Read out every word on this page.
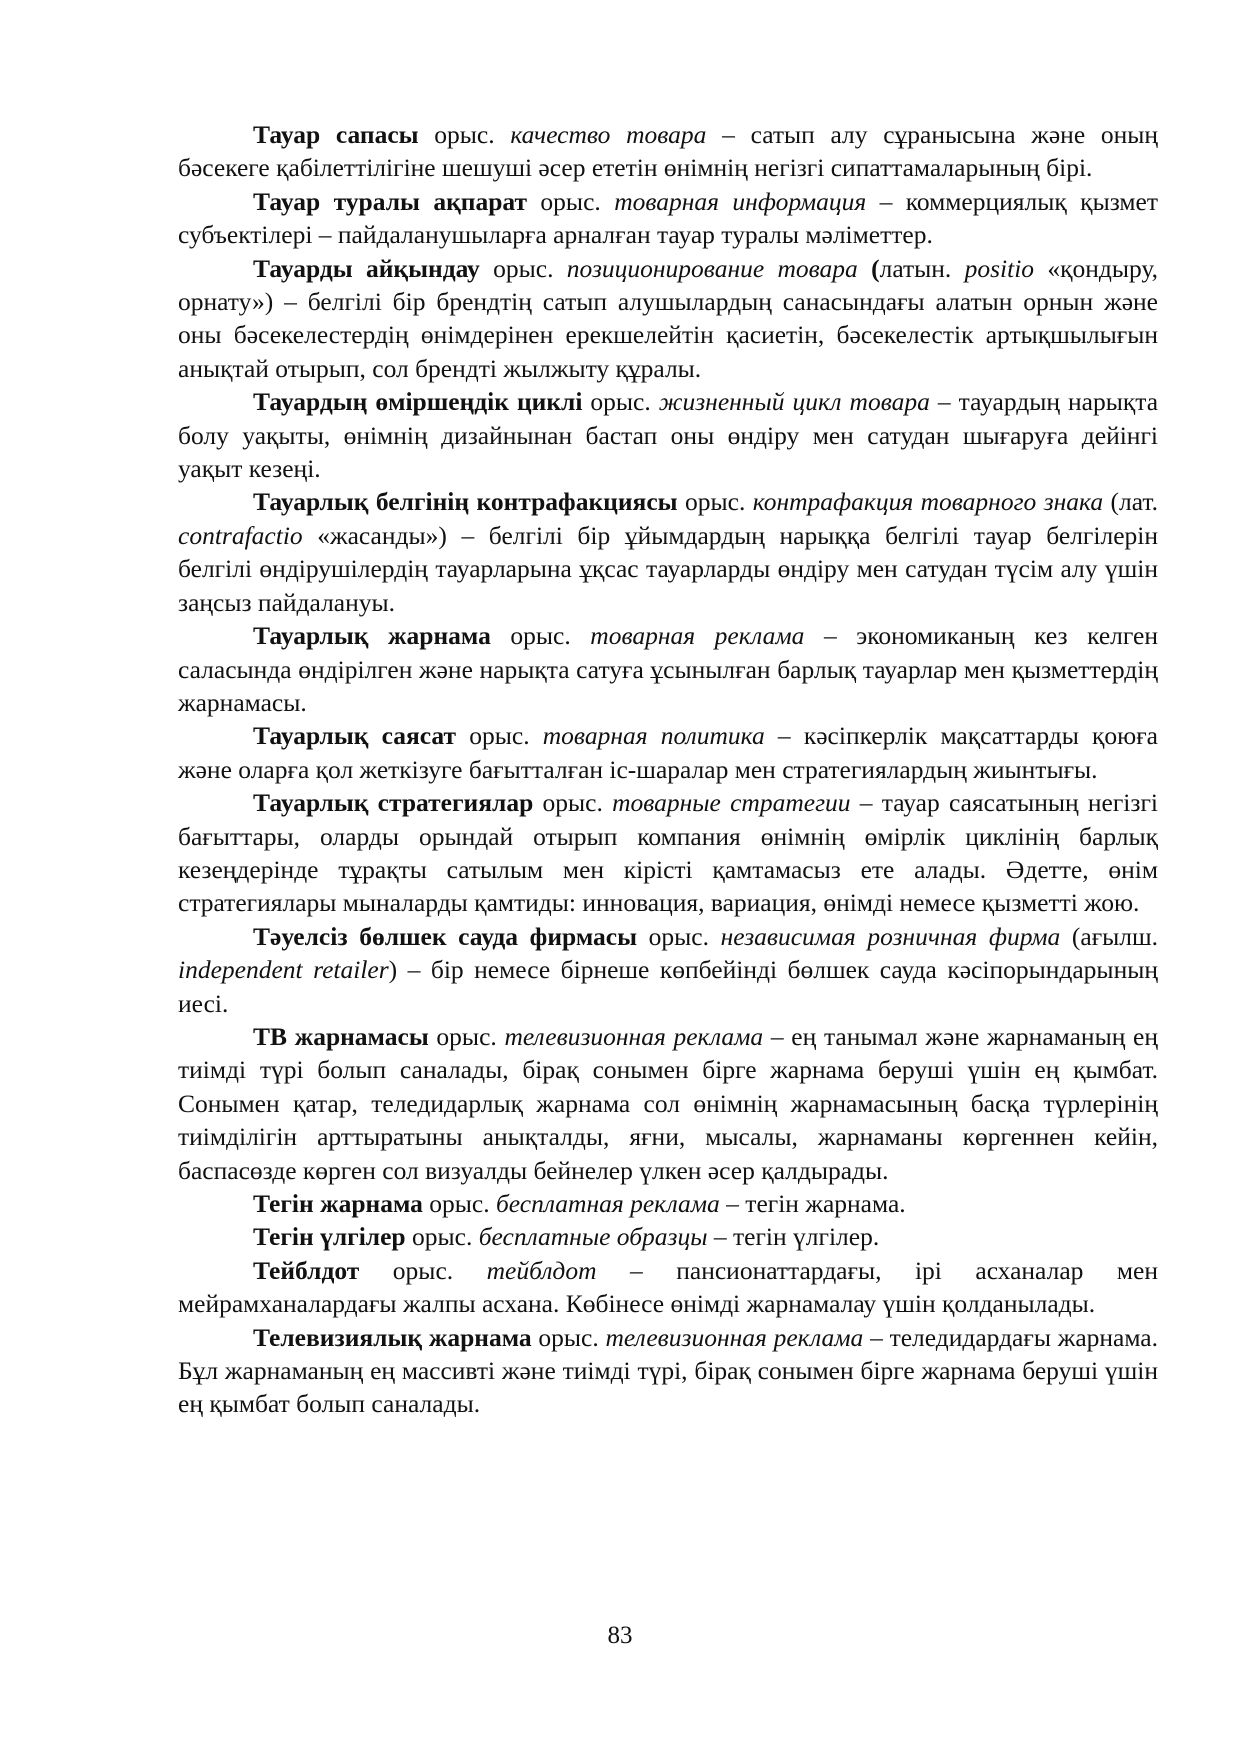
Тауар сапасы орыс. качество товара – сатып алу сұранысына және оның бәсекеге қабілеттілігіне шешуші әсер ететін өнімнің негізгі сипаттамаларының бірі.

Тауар туралы ақпарат орыс. товарная информация – коммерциялық қызмет субъектілері – пайдаланушыларға арналған тауар туралы мәліметтер.

Тауарды айқындау орыс. позиционирование товара (латын. positio «қондыру, орнату») – белгілі бір брендтің сатып алушылардың санасындағы алатын орнын және оны бәсекелестердің өнімдерінен ерекшелейтін қасиетін, бәсекелестік артықшылығын анықтай отырып, сол брендті жылжыту құралы.

Тауардың өміршеңдік циклі орыс. жизненный цикл товара – тауардың нарықта болу уақыты, өнімнің дизайнынан бастап оны өндіру мен сатудан шығаруға дейінгі уақыт кезеңі.

Тауарлық белгінің контрафакциясы орыс. контрафакция товарного знака (лат. contrafactio «жасанды») – белгілі бір ұйымдардың нарыққа белгілі тауар белгілерін белгілі өндірушілердің тауарларына ұқсас тауарларды өндіру мен сатудан түсім алу үшін заңсыз пайдалануы.

Тауарлық жарнама орыс. товарная реклама – экономиканың кез келген саласында өндірілген және нарықта сатуға ұсынылған барлық тауарлар мен қызметтердің жарнамасы.

Тауарлық саясат орыс. товарная политика – кәсіпкерлік мақсаттарды қоюға және оларға қол жеткізуге бағытталған іс-шаралар мен стратегиялардың жиынтығы.

Тауарлық стратегиялар орыс. товарные стратегии – тауар саясатының негізгі бағыттары, оларды орындай отырып компания өнімнің өмірлік циклінің барлық кезеңдерінде тұрақты сатылым мен кірісті қамтамасыз ете алады. Әдетте, өнім стратегиялары мыналарды қамтиды: инновация, вариация, өнімді немесе қызметті жою.

Тәуелсіз бөлшек сауда фирмасы орыс. независимая розничная фирма (ағылш. independent retailer) – бір немесе бірнеше көпбейінді бөлшек сауда кәсіпорындарының иесі.

ТВ жарнамасы орыс. телевизионная реклама – ең танымал және жарнаманың ең тиімді түрі болып саналады, бірақ сонымен бірге жарнама беруші үшін ең қымбат. Сонымен қатар, теледидарлық жарнама сол өнімнің жарнамасының басқа түрлерінің тиімділігін арттыратыны анықталды, яғни, мысалы, жарнаманы көргеннен кейін, баспасөзде көрген сол визуалды бейнелер үлкен әсер қалдырады.

Тегін жарнама орыс. бесплатная реклама – тегін жарнама.

Тегін үлгілер орыс. бесплатные образцы – тегін үлгілер.

Тейблдот орыс. тейблдот – пансионаттардағы, ірі асханалар мен мейрамханалардағы жалпы асхана. Көбінесе өнімді жарнамалау үшін қолданылады.

Телевизиялық жарнама орыс. телевизионная реклама – теледидардағы жарнама. Бұл жарнаманың ең массивті және тиімді түрі, бірақ сонымен бірге жарнама беруші үшін ең қымбат болып саналады.

83
